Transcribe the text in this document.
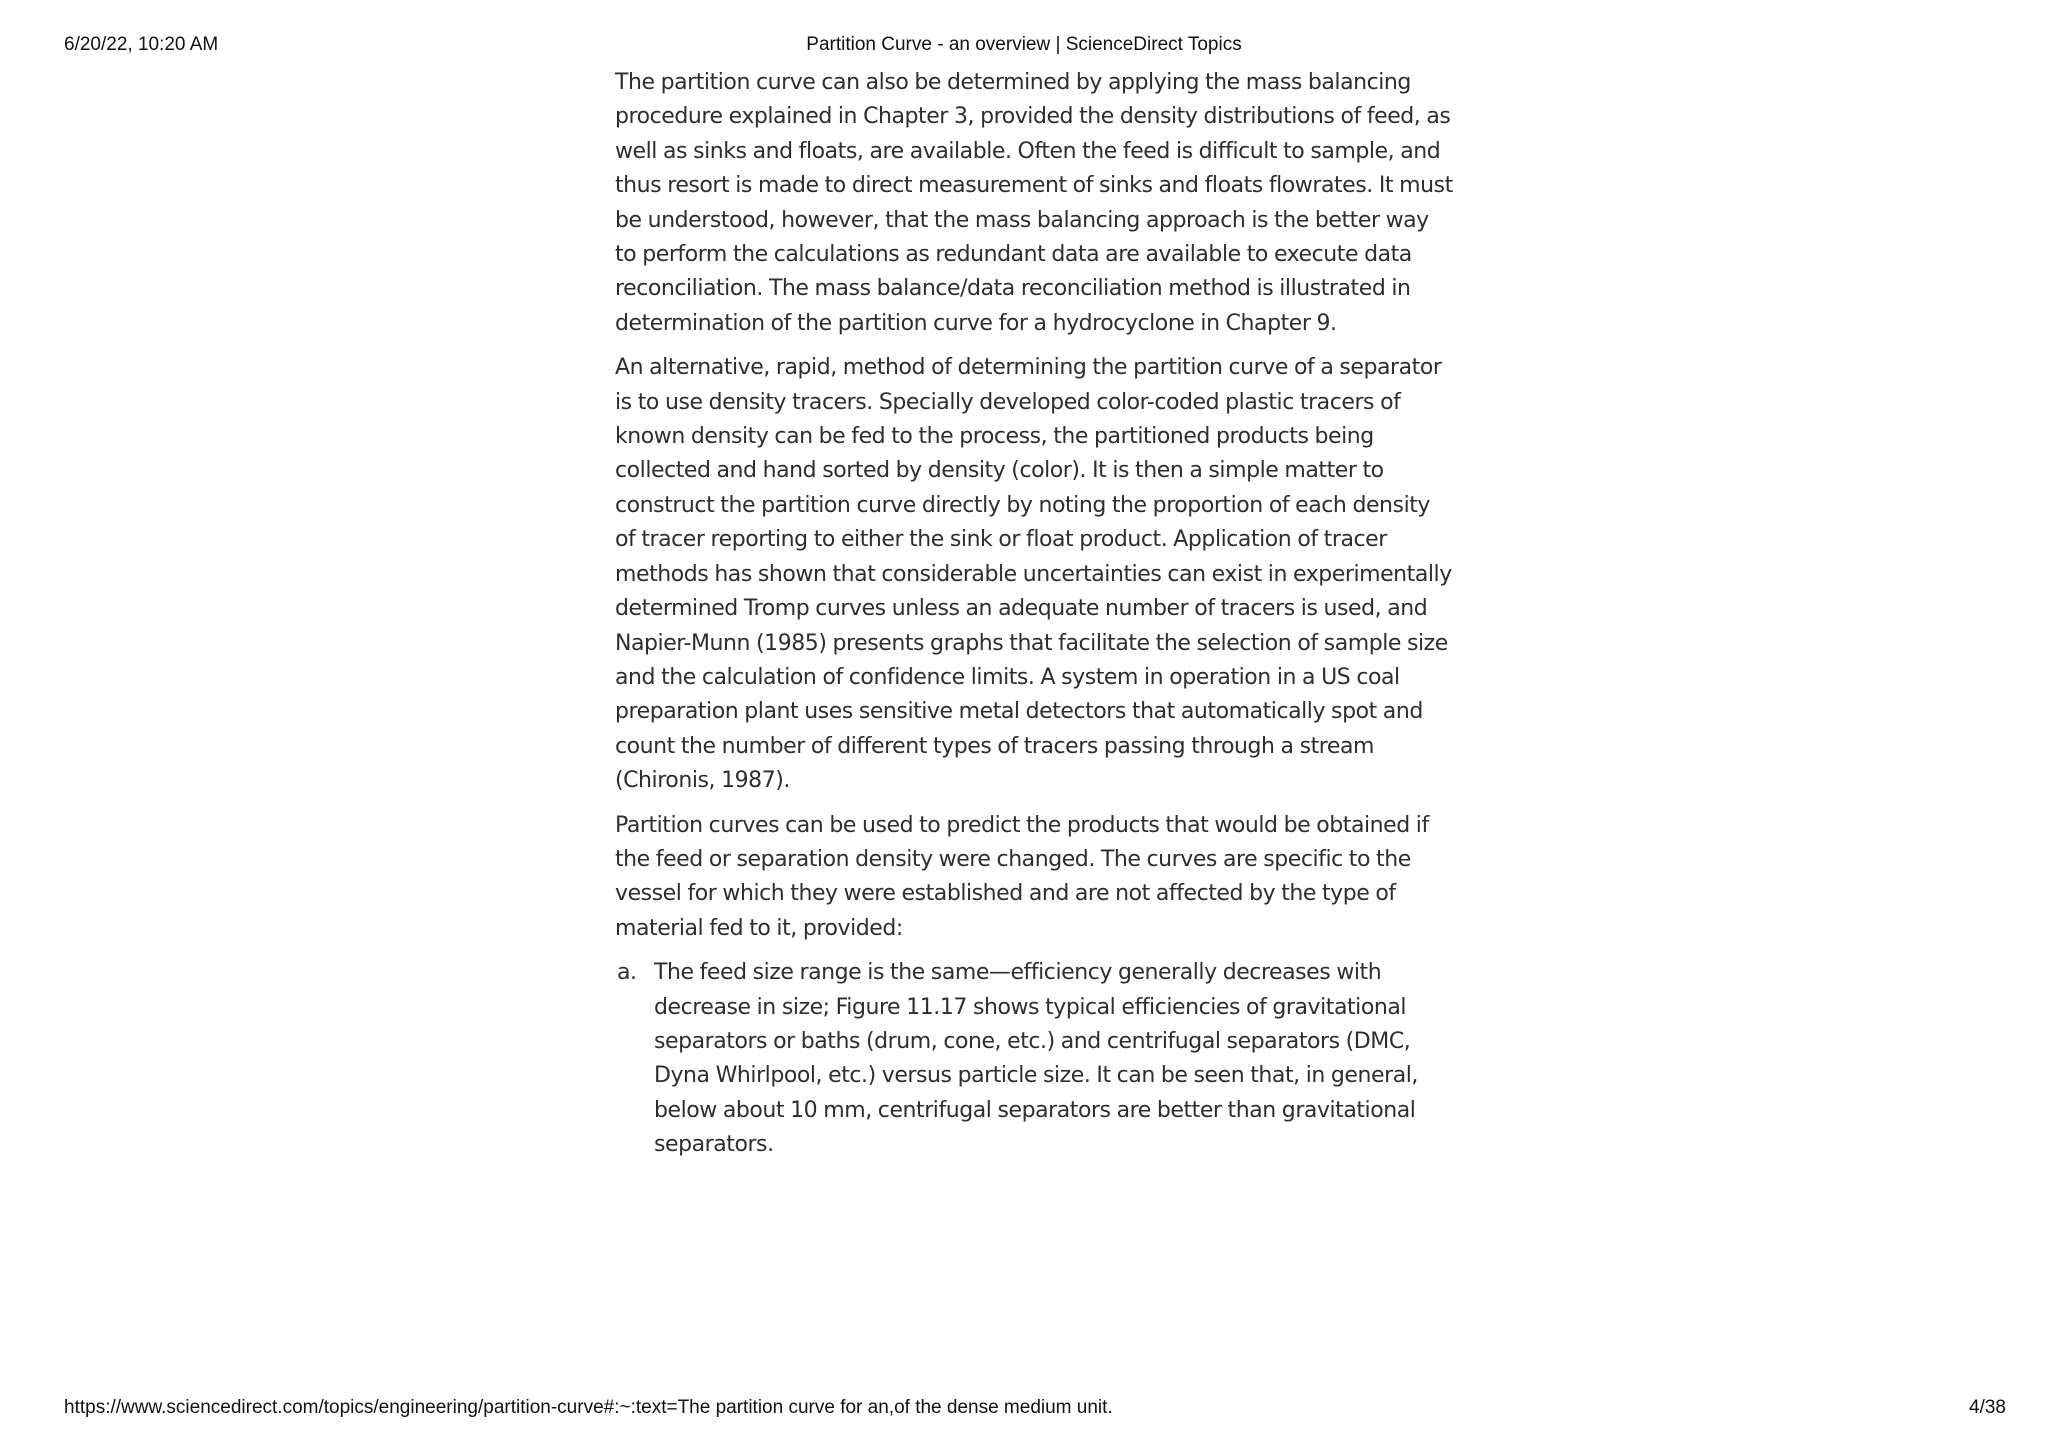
6/20/22, 10:20 AM	Partition Curve - an overview | ScienceDirect Topics

The partition curve can also be determined by applying the mass balancing procedure explained in Chapter 3, provided the density distributions of feed, as well as sinks and floats, are available. Often the feed is difficult to sample, and thus resort is made to direct measurement of sinks and floats flowrates. It must be understood, however, that the mass balancing approach is the better way to perform the calculations as redundant data are available to execute data reconciliation. The mass balance/data reconciliation method is illustrated in determination of the partition curve for a hydrocyclone in Chapter 9.

An alternative, rapid, method of determining the partition curve of a separator is to use density tracers. Specially developed color-coded plastic tracers of known density can be fed to the process, the partitioned products being collected and hand sorted by density (color). It is then a simple matter to construct the partition curve directly by noting the proportion of each density of tracer reporting to either the sink or float product. Application of tracer methods has shown that considerable uncertainties can exist in experimentally determined Tromp curves unless an adequate number of tracers is used, and Napier-Munn (1985) presents graphs that facilitate the selection of sample size and the calculation of confidence limits. A system in operation in a US coal preparation plant uses sensitive metal detectors that automatically spot and count the number of different types of tracers passing through a stream (Chironis, 1987).

Partition curves can be used to predict the products that would be obtained if the feed or separation density were changed. The curves are specific to the vessel for which they were established and are not affected by the type of material fed to it, provided:

a. The feed size range is the same—efficiency generally decreases with decrease in size; Figure 11.17 shows typical efficiencies of gravitational separators or baths (drum, cone, etc.) and centrifugal separators (DMC, Dyna Whirlpool, etc.) versus particle size. It can be seen that, in general, below about 10 mm, centrifugal separators are better than gravitational separators.
https://www.sciencedirect.com/topics/engineering/partition-curve#:~:text=The partition curve for an,of the dense medium unit.	4/38
